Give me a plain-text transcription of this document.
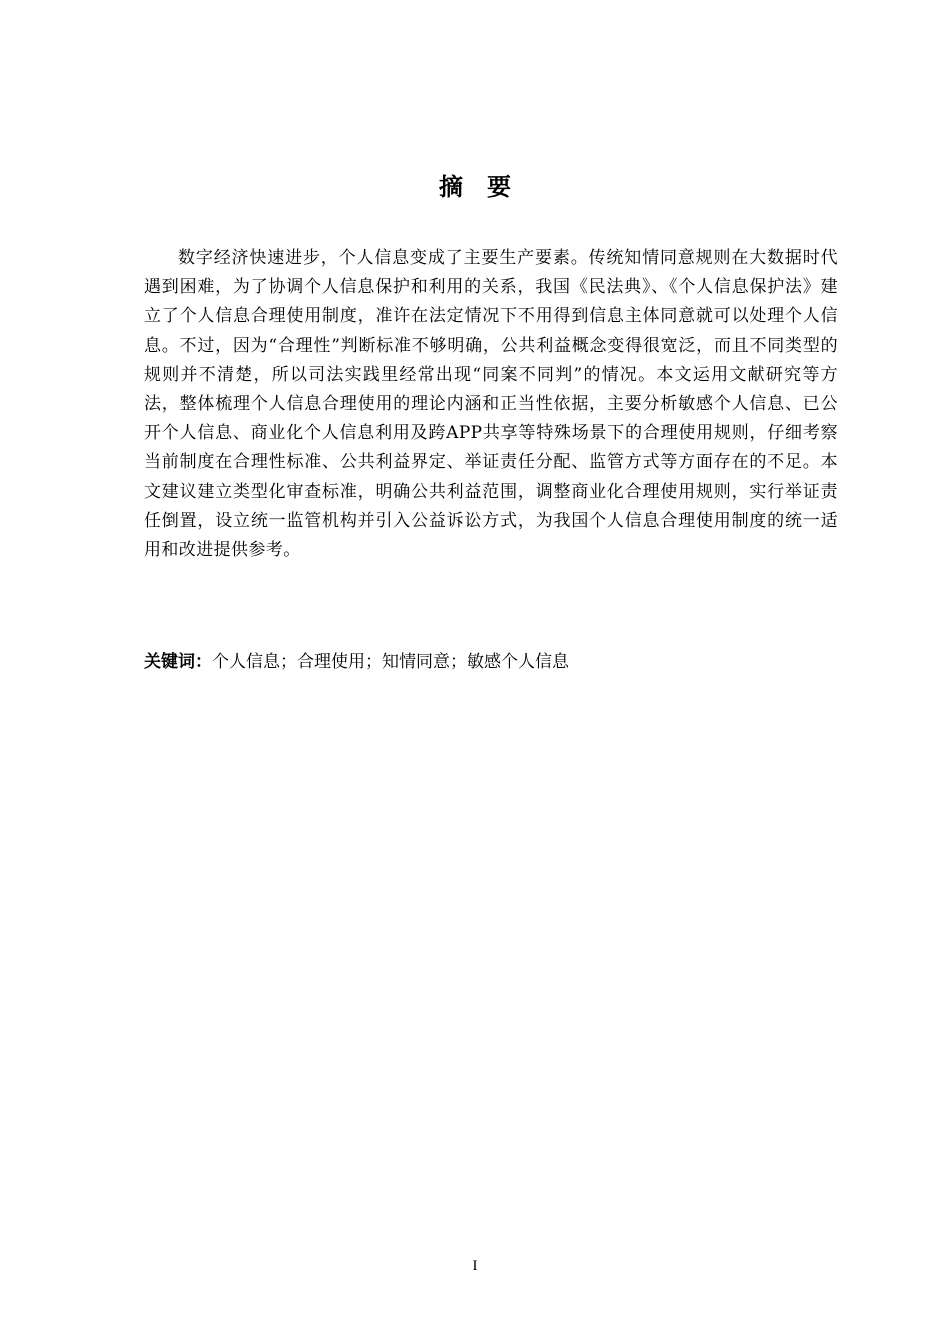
摘要

数字经济快速进步，个人信息变成了主要生产要素。传统知情同意规则在大数据时代遇到困难，为了协调个人信息保护和利用的关系，我国《民法典》、《个人信息保护法》建立了个人信息合理使用制度，准许在法定情况下不用得到信息主体同意就可以处理个人信息。不过，因为“合理性”判断标准不够明确，公共利益概念变得很宽泛，而且不同类型的规则并不清楚，所以司法实践里经常出现“同案不同判”的情况。本文运用文献研究等方法，整体梳理个人信息合理使用的理论内涵和正当性依据，主要分析敏感个人信息、已公开个人信息、商业化个人信息利用及跨APP共享等特殊场景下的合理使用规则，仔细考察当前制度在合理性标准、公共利益界定、举证责任分配、监管方式等方面存在的不足。本文建议建立类型化审查标准，明确公共利益范围，调整商业化合理使用规则，实行举证责任倒置，设立统一监管机构并引入公益诉讼方式，为我国个人信息合理使用制度的统一适用和改进提供参考。

关键词：个人信息；合理使用；知情同意；敏感个人信息
I
